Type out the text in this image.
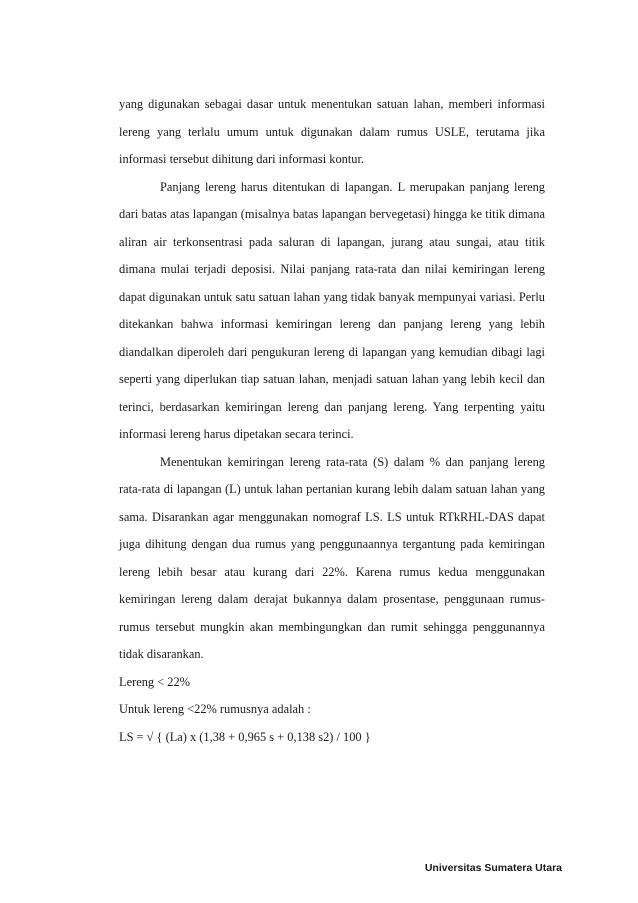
yang digunakan sebagai dasar untuk menentukan satuan lahan, memberi informasi lereng yang terlalu umum untuk digunakan dalam rumus USLE, terutama jika informasi tersebut dihitung dari informasi kontur.

Panjang lereng harus ditentukan di lapangan. L merupakan panjang lereng dari batas atas lapangan (misalnya batas lapangan bervegetasi) hingga ke titik dimana aliran air terkonsentrasi pada saluran di lapangan, jurang atau sungai, atau titik dimana mulai terjadi deposisi. Nilai panjang rata-rata dan nilai kemiringan lereng dapat digunakan untuk satu satuan lahan yang tidak banyak mempunyai variasi. Perlu ditekankan bahwa informasi kemiringan lereng dan panjang lereng yang lebih diandalkan diperoleh dari pengukuran lereng di lapangan yang kemudian dibagi lagi seperti yang diperlukan tiap satuan lahan, menjadi satuan lahan yang lebih kecil dan terinci, berdasarkan kemiringan lereng dan panjang lereng. Yang terpenting yaitu informasi lereng harus dipetakan secara terinci.

Menentukan kemiringan lereng rata-rata (S) dalam % dan panjang lereng rata-rata di lapangan (L) untuk lahan pertanian kurang lebih dalam satuan lahan yang sama. Disarankan agar menggunakan nomograf LS. LS untuk RTkRHL-DAS dapat juga dihitung dengan dua rumus yang penggunaannya tergantung pada kemiringan lereng lebih besar atau kurang dari 22%. Karena rumus kedua menggunakan kemiringan lereng dalam derajat bukannya dalam prosentase, penggunaan rumus-rumus tersebut mungkin akan membingungkan dan rumit sehingga penggunannya tidak disarankan.

Lereng < 22%

Untuk lereng <22% rumusnya adalah :

LS = √ { (La) x (1,38 + 0,965 s + 0,138 s2) / 100 }

Universitas Sumatera Utara
